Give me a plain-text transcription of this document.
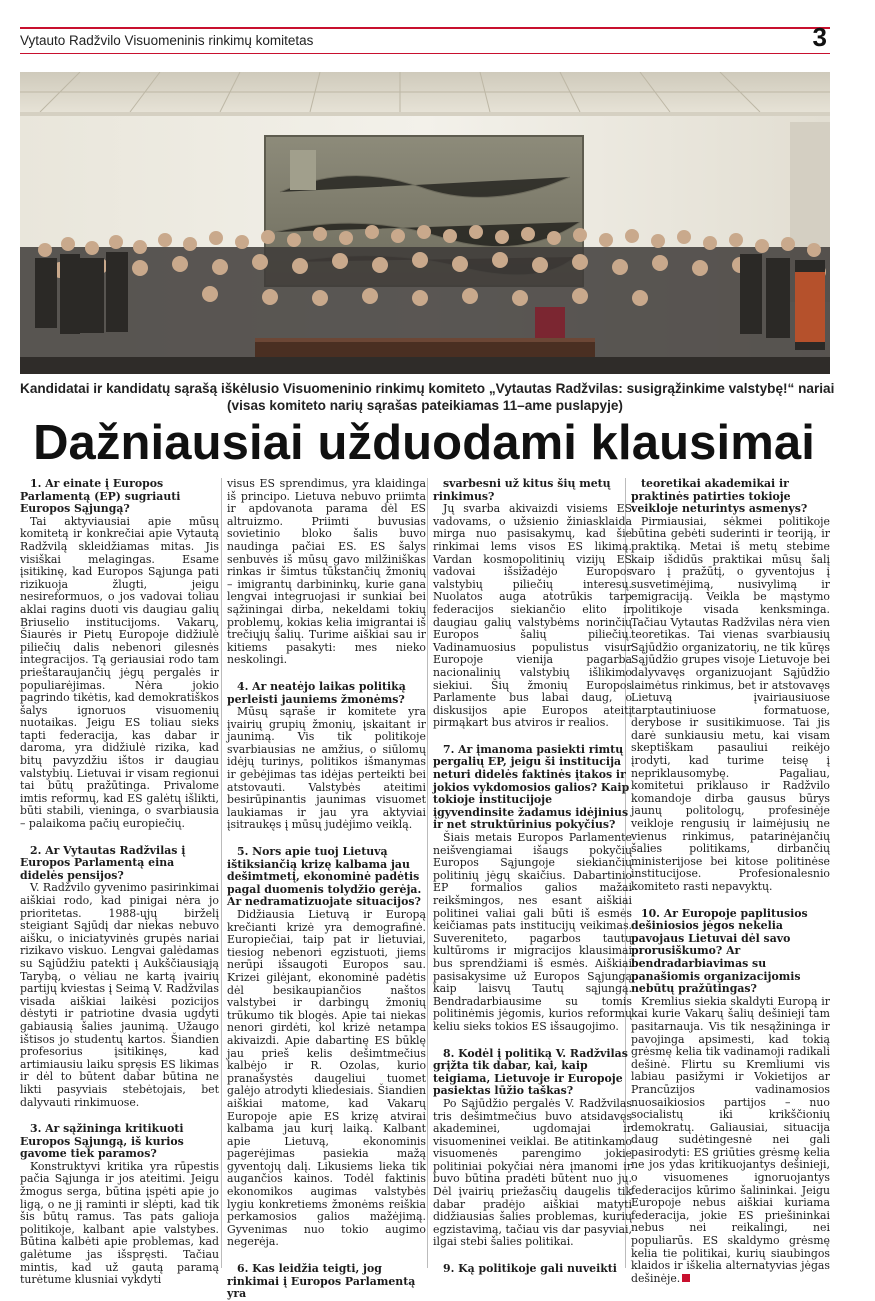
Vytauto Radžvilo Visuomeninis rinkimų komitetas	3
Kandidatai ir kandidatų sąrašą iškėlusio Visuomeninio rinkimų komiteto „Vytautas Radžvilas: susigrąžinkime valstybę!“ nariai
(visas komiteto narių sąrašas pateikiamas 11–ame puslapyje)
Dažniausiai užduodami klausimai

1. Ar einate į Europos Parlamentą (EP) sugriauti Europos Sąjungą?

Tai aktyviausiai apie mūsų komitetą ir konkrečiai apie Vytautą Radžvilą skleidžiamas mitas. Jis visiškai melagingas. Esame įsitikinę, kad Europos Sąjunga pati rizikuoja žlugti, jeigu nesireformuos, o jos vadovai toliau aklai ragins duoti vis daugiau galių Briuselio institucijoms. Vakarų, Šiaurės ir Pietų Europoje didžiulė piliečių dalis nebenori gilesnės integracijos. Tą geriausiai rodo tam prieštaraujančių jėgų pergalės ir populiarėjimas. Nėra jokio pagrindo tikėtis, kad demokratiškos šalys ignoruos visuomenių nuotaikas. Jeigu ES toliau sieks tapti federacija, kas dabar ir daroma, yra didžiulė rizika, kad bitų pavyzdžiu ištos ir daugiau valstybių. Lietuvai ir visam regionui tai būtų pražūtinga. Privalome imtis reformų, kad ES galėtų išlikti, būti stabili, vieninga, o svarbiausia – palaikoma pačių europiečių.

2. Ar Vytautas Radžvilas į Europos Parlamentą eina didelės pensijos?

V. Radžvilo gyvenimo pasirinkimai aiškiai rodo, kad pinigai nėra jo prioritetas. 1988-ųjų birželį steigiant Sąjūdį dar niekas nebuvo aišku, o iniciatyvinės grupės nariai rizikavo viskuo. Lengvai galėdamas su Sąjūdžiu patekti į Aukščiausiąją Tarybą, o vėliau ne kartą įvairių partijų kviestas į Seimą V. Radžvilas visada aiškiai laikėsi pozicijos dėstyti ir patriotine dvasia ugdyti gabiausią šalies jaunimą. Užaugo ištisos jo studentų kartos. Šiandien profesorius įsitikinęs, kad artimiausiu laiku spręsis ES likimas ir dėl to būtent dabar būtina ne likti pasyviais stebėtojais, bet dalyvauti rinkimuose.

3. Ar sąžininga kritikuoti Europos Sąjungą, iš kurios gavome tiek paramos?

Konstruktyvi kritika yra rūpestis pačia Sąjunga ir jos ateitimi. Jeigu žmogus serga, būtina įspėti apie jo ligą, o ne jį raminti ir slėpti, kad tik šis būtų ramus. Tas pats galioja politikoje, kalbant apie valstybes. Būtina kalbėti apie problemas, kad galėtume jas išspręsti. Tačiau mintis, kad už gautą paramą turėtume klusniai vykdyti

visus ES sprendimus, yra klaidinga iš principo. Lietuva nebuvo priimta ir apdovanota parama dėl ES altruizmo. Priimti buvusias sovietinio bloko šalis buvo naudinga pačiai ES. ES šalys senbuvės iš mūsų gavo milžiniškas rinkas ir šimtus tūkstančių žmonių – imigrantų darbininkų, kurie gana lengvai integruojasi ir sunkiai bei sąžiningai dirba, nekeldami tokių problemų, kokias kelia imigrantai iš trečiųjų šalių. Turime aiškiai sau ir kitiems pasakyti: mes nieko neskolingi.

4. Ar neatėjo laikas politiką perleisti jauniems žmonėms?

Mūsų sąraše ir komitete yra įvairių grupių žmonių, įskaitant ir jaunimą. Vis tik politikoje svarbiausias ne amžius, o siūlomų idėjų turinys, politikos išmanymas ir gebėjimas tas idėjas perteikti bei atstovauti. Valstybės ateitimi besirūpinantis jaunimas visuomet laukiamas ir jau yra aktyviai įsitraukęs į mūsų judėjimo veiklą.

5. Nors apie tuoj Lietuvą ištiksiančią krizę kalbama jau dešimtmetį, ekonominė padėtis pagal duomenis tolydžio gerėja. Ar nedramatizuojate situacijos?

Didžiausia Lietuvą ir Europą krečianti krizė yra demografinė. Europiečiai, taip pat ir lietuviai, tiesiog nebenori egzistuoti, jiems nerūpi išsaugoti Europos sau. Krizei gilėjant, ekonominė padėtis dėl besikaupiančios naštos valstybei ir darbingų žmonių trūkumo tik blogės. Apie tai niekas nenori girdėti, kol krizė netampa akivaizdi. Apie dabartinę ES būklę jau prieš kelis dešimtmečius kalbėjo ir R. Ozolas, kurio pranašystės daugeliui tuomet galėjo atrodyti kliedesiais. Šiandien aiškiai matome, kad Vakarų Europoje apie ES krizę atvirai kalbama jau kurį laiką. Kalbant apie Lietuvą, ekonominis pagerėjimas pasiekia mažą gyventojų dalį. Likusiems lieka tik augančios kainos. Todėl faktinis ekonomikos augimas valstybės lygiu konkretiems žmonėms reiškia perkamosios galios mažėjimą. Gyvenimas nuo tokio augimo negerėja.

6. Kas leidžia teigti, jog rinkimai į Europos Parlamentą yra

svarbesni už kitus šių metų rinkimus?

Jų svarba akivaizdi visiems ES vadovams, o užsienio žiniasklaida mirga nuo pasisakymų, kad šie rinkimai lems visos ES likimą. Vardan kosmopolitinių vizijų ES vadovai išsižadėjo Europos valstybių piliečių interesų. Nuolatos auga atotrūkis tarp federacijos siekiančio elito ir daugiau galių valstybėms norinčių Europos šalių piliečių. Vadinamuosius populistus visur Europoje vienija pagarba nacionalinių valstybių išlikimo siekiui. Šių žmonių Europos Parlamente bus labai daug, o diskusijos apie Europos ateitį pirmąkart bus atviros ir realios.

7. Ar įmanoma pasiekti rimtų pergalių EP, jeigu ši institucija neturi didelės faktinės įtakos ir jokios vykdomosios galios? Kaip tokioje institucijoje įgyvendinsite žadamus idėjinius ir net struktūrinius pokyčius?

Šiais metais Europos Parlamente neišvengiamai išaugs pokyčių Europos Sąjungoje siekiančių politinių jėgų skaičius. Dabartinio EP formalios galios mažai reikšmingos, nes esant aiškiai politinei valiai gali būti iš esmės keičiamas pats institucijų veikimas. Suvereniteto, pagarbos tautų kultūroms ir migracijos klausimai bus sprendžiami iš esmės. Aiškiai pasisakysime už Europos Sąjungą kaip laisvų Tautų sąjungą. Bendradarbiausime su tomis politinėmis jėgomis, kurios reformų keliu sieks tokios ES išsaugojimo.

8. Kodėl į politiką V. Radžvilas grįžta tik dabar, kai, kaip teigiama, Lietuvoje ir Europoje pasiektas lūžio taškas?

Po Sąjūdžio pergalės V. Radžvilas tris dešimtmečius buvo atsidavęs akademinei, ugdomajai ir visuomeninei veiklai. Be atitinkamo visuomenės parengimo jokie politiniai pokyčiai nėra įmanomi ir buvo būtina pradėti būtent nuo jų. Dėl įvairių priežasčių daugelis tik dabar pradėjo aiškiai matyti didžiausias šalies problemas, kurių egzistavimą, tačiau vis dar pasyviai, ilgai stebi šalies politikai.

9. Ką politikoje gali nuveikti

teoretikai akademikai ir praktinės patirties tokioje veikloje neturintys asmenys?

Pirmiausiai, sėkmei politikoje būtina gebėti suderinti ir teoriją, ir praktiką. Metai iš metų stebime kaip išdidūs praktikai mūsų šalį varo į pražūtį, o gyventojus į susvetimėjimą, nusivylimą ir emigraciją. Veikla be mąstymo politikoje visada kenksminga. Tačiau Vytautas Radžvilas nėra vien teoretikas. Tai vienas svarbiausių Sąjūdžio organizatorių, ne tik kūręs Sąjūdžio grupes visoje Lietuvoje bei dalyvavęs organizuojant Sąjūdžio laimėtus rinkimus, bet ir atstovavęs Lietuvą įvairiausiuose tarptautiniuose formatuose, derybose ir susitikimuose. Tai jis darė sunkiausiu metu, kai visam skeptiškam pasauliui reikėjo įrodyti, kad turime teisę į nepriklausomybę. Pagaliau, komitetui priklauso ir Radžvilo komandoje dirba gausus būrys jaunų politologų, profesinėje veikloje rengusių ir laimėjusių ne vienus rinkimus, patarinėjančių šalies politikams, dirbančių ministerijose bei kitose politinėse institucijose. Profesionalesnio komiteto rasti nepavyktų.

10. Ar Europoje paplitusios dešiniosios jėgos nekelia pavojaus Lietuvai dėl savo prorusiškumo? Ar bendradarbiavimas su panašiomis organizacijomis nebūtų pražūtingas?

Kremlius siekia skaldyti Europą ir kai kurie Vakarų šalių dešinieji tam pasitarnauja. Vis tik nesąžininga ir pavojinga apsimesti, kad tokią grėsmę kelia tik vadinamoji radikali dešinė. Flirtu su Kremliumi vis labiau pasižymi ir Vokietijos ar Prancūzijos vadinamosios nuosaikiosios partijos – nuo socialistų iki krikščionių demokratų. Galiausiai, situacija daug sudėtingesnė nei gali pasirodyti: ES griūties grėsmę kelia ne jos ydas kritikuojantys dešinieji, o visuomenes ignoruojantys federacijos kūrimo šalininkai. Jeigu Europoje nebus aiškiai kuriama federacija, jokie ES priešininkai nebus nei reikalingi, nei populiarūs. ES skaldymo grėsmę kelia tie politikai, kurių siaubingos klaidos ir iškelia alternatyvias jėgas dešinėje.
